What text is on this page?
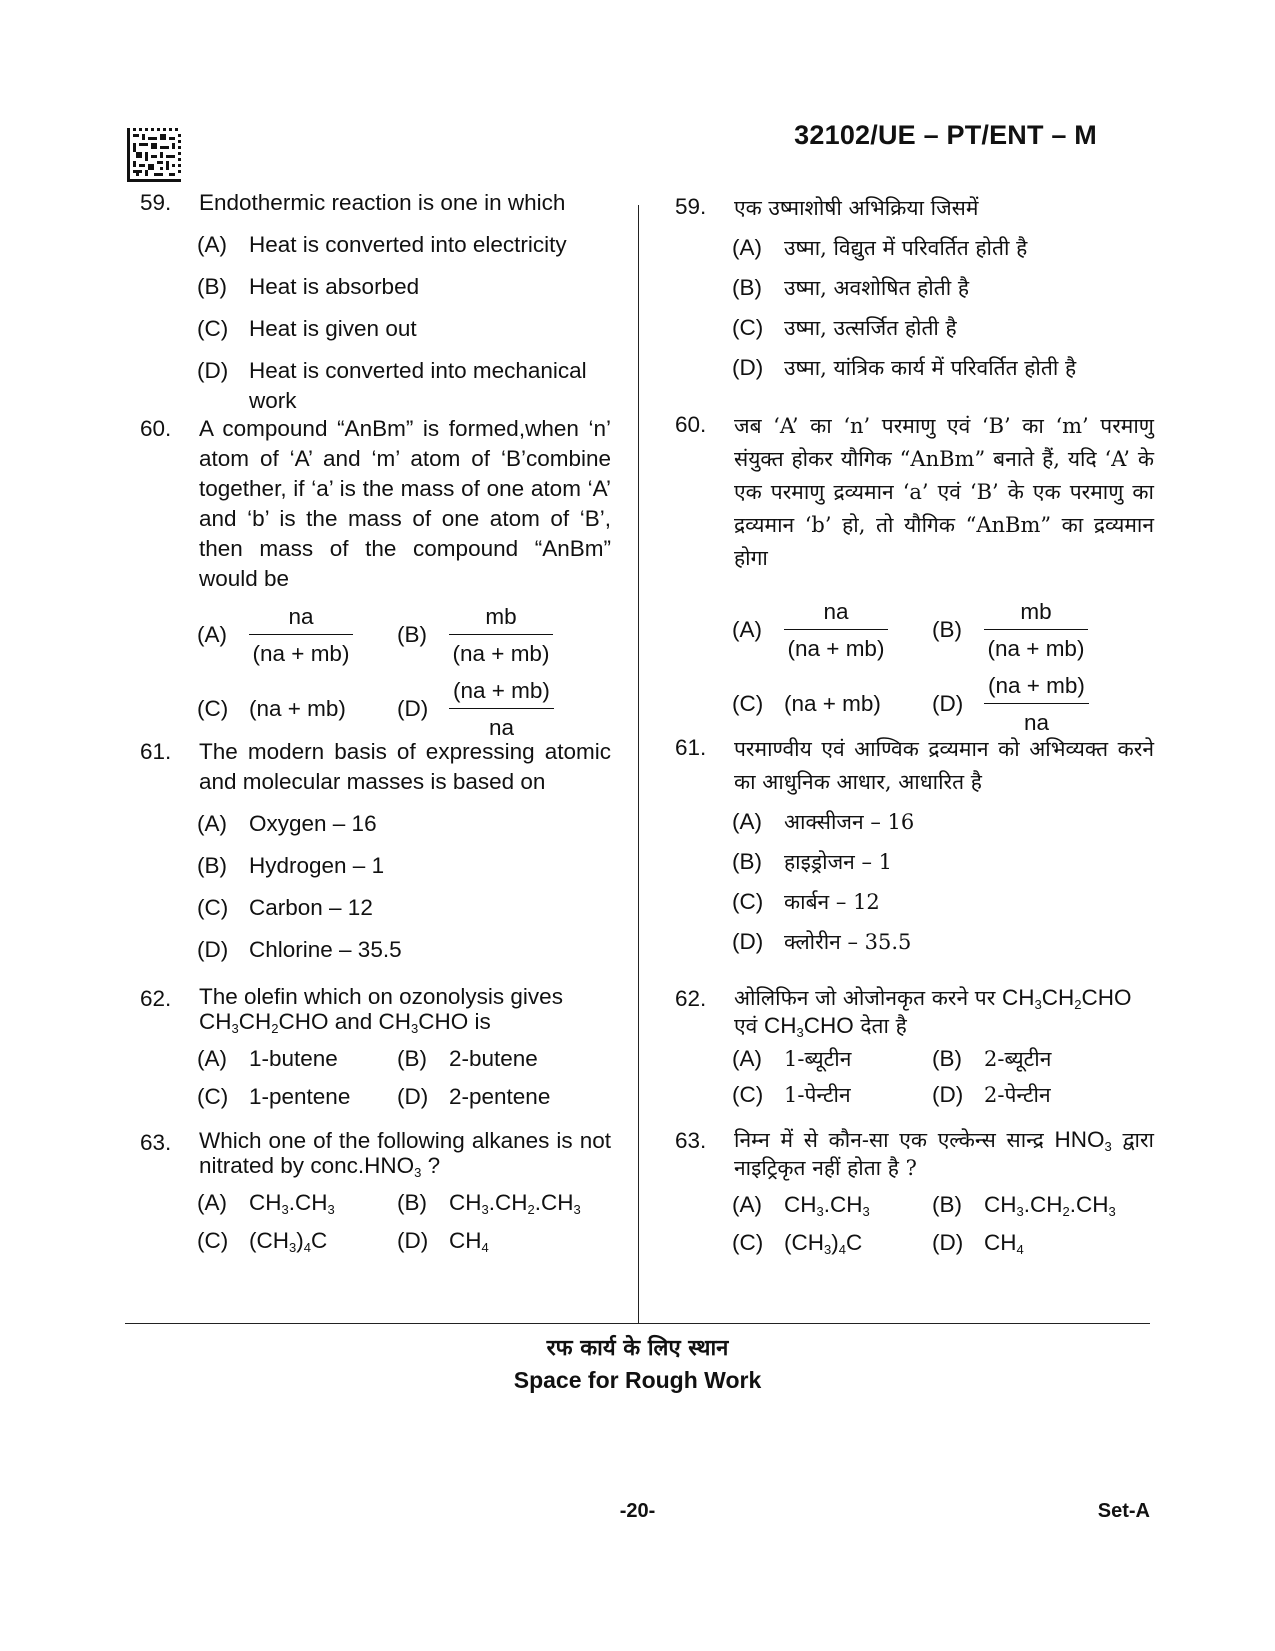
32102/UE – PT/ENT – M
59. Endothermic reaction is one in which
(A) Heat is converted into electricity
(B) Heat is absorbed
(C) Heat is given out
(D) Heat is converted into mechanical work
60. A compound “AnBm” is formed,when ‘n’ atom of ‘A’ and ‘m’ atom of ‘B’combine together, if ‘a’ is the mass of one atom ‘A’ and ‘b’ is the mass of one atom of ‘B’, then mass of the compound “AnBm” would be
$(A) \frac{na}{(na + mb)} (B) \frac{mb}{(na + mb)}$
(C) (na + mb) $(D) \frac{(na + mb)}{na}$
61. The modern basis of expressing atomic and molecular masses is based on
(A) Oxygen – 16
(B) Hydrogen – 1
(C) Carbon – 12
(D) Chlorine – 35.5
62. The olefin which on ozonolysis gives
$CH_3CH_2CHO$ and $CH_3CHO$ is
(A) 1-butene	(B) 2-butene
(C) 1-pentene (D) 2-pentene
63. Which one of the following alkanes is not nitrated by $conc.HNO_3$ ?
(A) $CH_3.CH_3$	(B) $CH_3.CH_2.CH_3$
(C) $(CH_3)_4C$	(D) $CH_4$
59. एक उष्माशोषी अभिक्रिया जिसमें
(A)	उष्मा, विद्युत में परिवर्तित होती है
(B)	उष्मा, अवशोषित होती है
(C) उष्मा, उत्सर्जित होती है
(D) उष्मा, यांत्रिक कार्य में परिवर्तित होती है
60. जब ‘A’ का ‘n’ परमाणु एवं ‘B’ का ‘m’ परमाणु संयुक्त होकर यौगिक “AnBm” बनाते हैं, यदि ‘A’ के एक परमाणु द्रव्यमान ‘a’ एवं ‘B’ के एक परमाणु का द्रव्यमान ‘b’ हो, तो यौगिक “AnBm” का द्रव्यमान होगा
$(A) \frac{na}{(na + mb)} (B) \frac{mb}{(na + mb)}$
(C) (na + mb) $(D) \frac{(na + mb)}{na}$
61. परमाण्वीय एवं आण्विक द्रव्यमान को अभिव्यक्त करने का आधुनिक आधार, आधारित है
(A)	आक्सीजन – 16
(B)	हाइड्रोजन – 1
(C) कार्बन – 12
(D) क्लोरीन – 35.5
62. ओलिफिन जो ओजोनकृत करने पर $CH_3CH_2CHO$
एवं $CH_3CHO$ देता है
(A)	1-ब्यूटीन	(B)	2-ब्यूटीन
(C) 1-पेन्टीन	(D) 2-पेन्टीन
63. निम्न में से कौन-सा एक एल्केन्स सान्द्र $HNO_3$ द्वारा नाइट्रिकृत नहीं होता है ?
(A) $CH_3.CH_3$	(B) $CH_3.CH_2.CH_3$
(C) $(CH_3)_4C$	(D) $CH_4$
रफ कार्य के लिए स्थान
Space for Rough Work
-20-	Set-A
